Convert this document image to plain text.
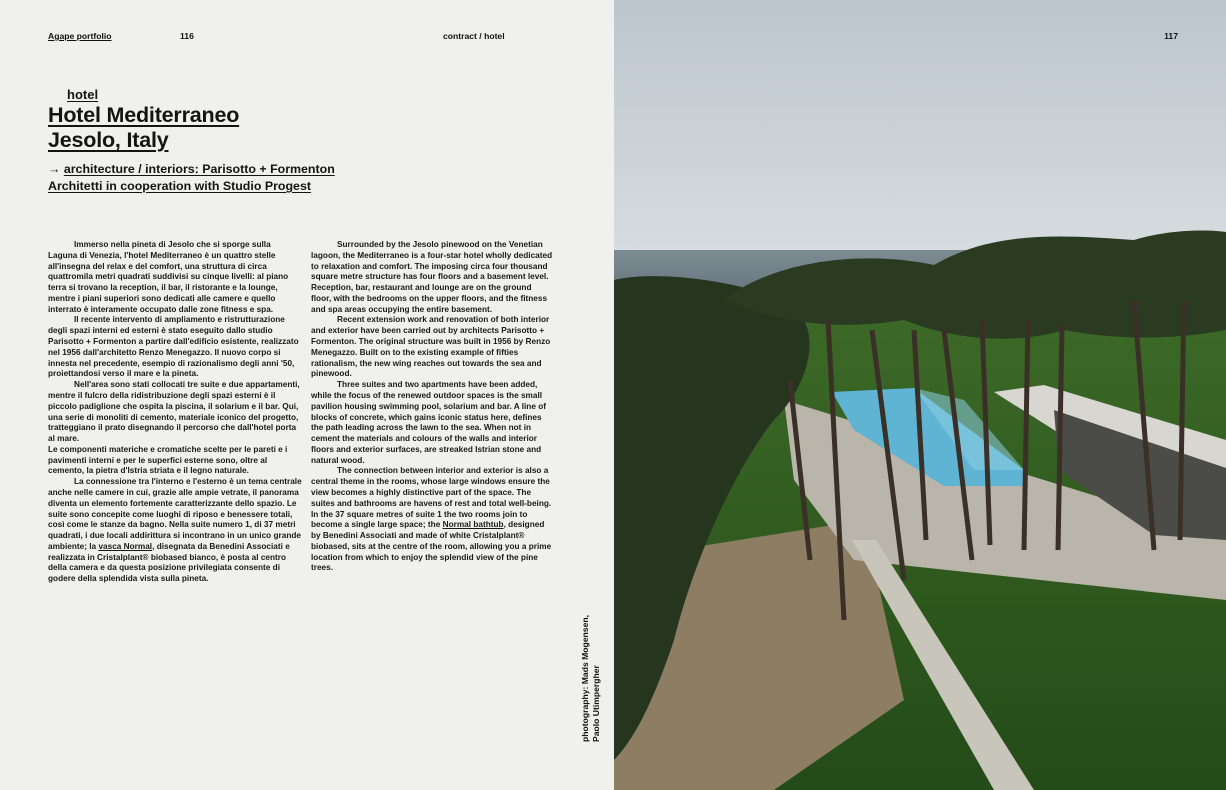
Agape portfolio	116	contract / hotel
hotel
Hotel Mediterraneo
Jesolo, Italy
→ architecture / interiors: Parisotto + Formenton
Architetti in cooperation with Studio Progest

Immerso nella pineta di Jesolo che si sporge sulla Laguna di Venezia, l'hotel Mediterraneo è un quattro stelle all'insegna del relax e del comfort, una struttura di circa quattromila metri quadrati suddivisi su cinque livelli: al piano terra si trovano la reception, il bar, il ristorante e la lounge, mentre i piani superiori sono dedicati alle camere e quello interrato è interamente occupato dalle zone fitness e spa.

Il recente intervento di ampliamento e ristrutturazione degli spazi interni ed esterni è stato eseguito dallo studio Parisotto + Formenton a partire dall'edificio esistente, realizzato nel 1956 dall'architetto Renzo Menegazzo. Il nuovo corpo si innesta nel precedente, esempio di razionalismo degli anni '50, proiettandosi verso il mare e la pineta.

Nell'area sono stati collocati tre suite e due appartamenti, mentre il fulcro della ridistribuzione degli spazi esterni è il piccolo padiglione che ospita la piscina, il solarium e il bar. Qui, una serie di monoliti di cemento, materiale iconico del progetto, tratteggiano il prato disegnando il percorso che dall'hotel porta al mare.

Le componenti materiche e cromatiche scelte per le pareti e i pavimenti interni e per le superfici esterne sono, oltre al cemento, la pietra d'Istria striata e il legno naturale.

La connessione tra l'interno e l'esterno è un tema centrale anche nelle camere in cui, grazie alle ampie vetrate, il panorama diventa un elemento fortemente caratterizzante dello spazio. Le suite sono concepite come luoghi di riposo e benessere totali, così come le stanze da bagno. Nella suite numero 1, di 37 metri quadrati, i due locali addirittura si incontrano in un unico grande ambiente; la vasca Normal, disegnata da Benedini Associati e realizzata in Cristalplant® biobased bianco, è posta al centro della camera e da questa posizione privilegiata consente di godere della splendida vista sulla pineta.

Surrounded by the Jesolo pinewood on the Venetian lagoon, the Mediterraneo is a four-star hotel wholly dedicated to relaxation and comfort. The imposing circa four thousand square metre structure has four floors and a basement level. Reception, bar, restaurant and lounge are on the ground floor, with the bedrooms on the upper floors, and the fitness and spa areas occupying the entire basement.

Recent extension work and renovation of both interior and exterior have been carried out by architects Parisotto + Formenton. The original structure was built in 1956 by Renzo Menegazzo. Built on to the existing example of fifties rationalism, the new wing reaches out towards the sea and pinewood.

Three suites and two apartments have been added, while the focus of the renewed outdoor spaces is the small pavilion housing swimming pool, solarium and bar. A line of blocks of concrete, which gains iconic status here, defines the path leading across the lawn to the sea. When not in cement the materials and colours of the walls and interior floors and exterior surfaces, are streaked Istrian stone and natural wood.

The connection between interior and exterior is also a central theme in the rooms, whose large windows ensure the view becomes a highly distinctive part of the space. The suites and bathrooms are havens of rest and total well-being. In the 37 square metres of suite 1 the two rooms join to become a single large space; the Normal bathtub, designed by Benedini Associati and made of white Cristalplant® biobased, sits at the centre of the room, allowing you a prime location from which to enjoy the splendid view of the pine trees.

photography: Mads Mogensen, Paolo Utimpergher
117
